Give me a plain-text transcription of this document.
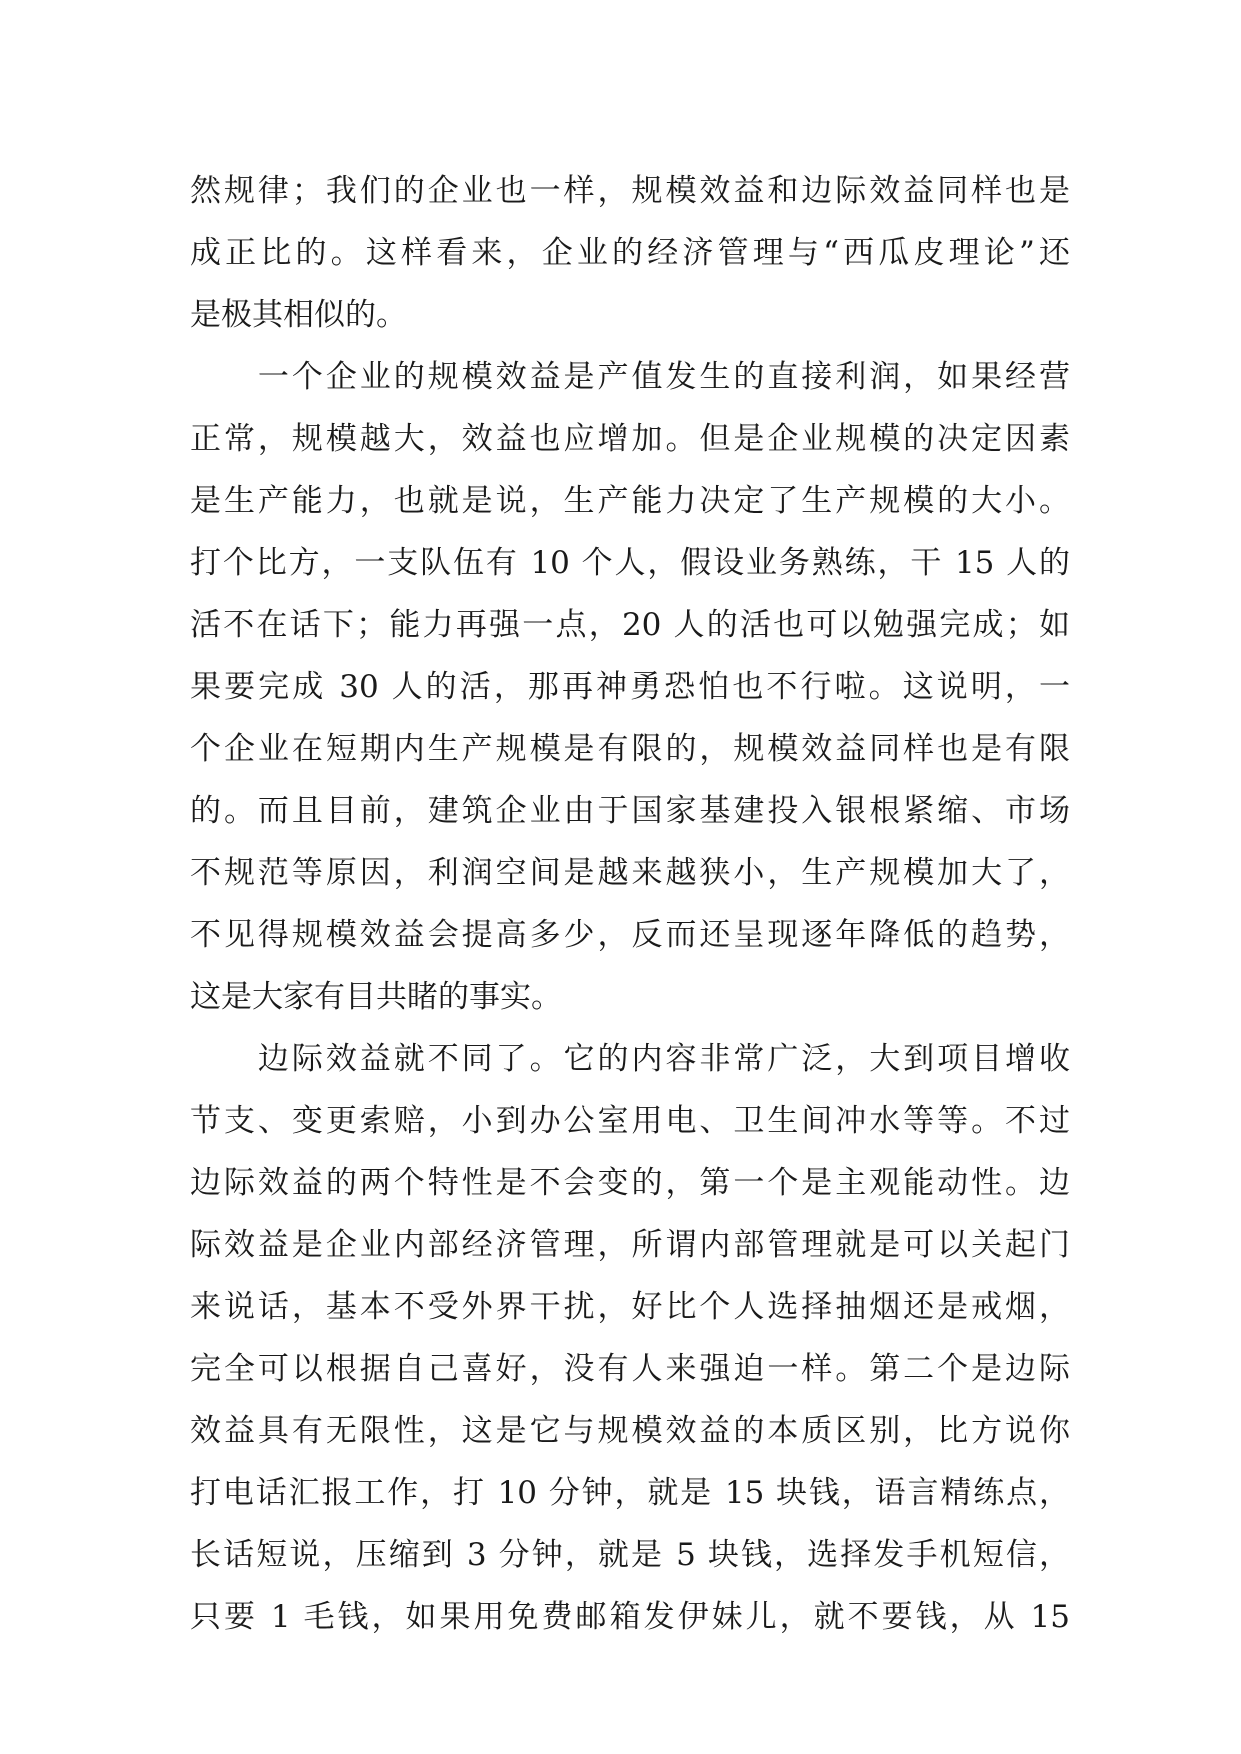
然规律；我们的企业也一样，规模效益和边际效益同样也是
成正比的。这样看来，企业的经济管理与“西瓜皮理论”还
是极其相似的。
　　一个企业的规模效益是产值发生的直接利润，如果经营
正常，规模越大，效益也应增加。但是企业规模的决定因素
是生产能力，也就是说，生产能力决定了生产规模的大小。
打个比方，一支队伍有 10 个人，假设业务熟练，干 15 人的
活不在话下；能力再强一点，20 人的活也可以勉强完成；如
果要完成 30 人的活，那再神勇恐怕也不行啦。这说明，一
个企业在短期内生产规模是有限的，规模效益同样也是有限
的。而且目前，建筑企业由于国家基建投入银根紧缩、市场
不规范等原因，利润空间是越来越狭小，生产规模加大了，
不见得规模效益会提高多少，反而还呈现逐年降低的趋势，
这是大家有目共睹的事实。
　　边际效益就不同了。它的内容非常广泛，大到项目增收
节支、变更索赔，小到办公室用电、卫生间冲水等等。不过
边际效益的两个特性是不会变的，第一个是主观能动性。边
际效益是企业内部经济管理，所谓内部管理就是可以关起门
来说话，基本不受外界干扰，好比个人选择抽烟还是戒烟，
完全可以根据自己喜好，没有人来强迫一样。第二个是边际
效益具有无限性，这是它与规模效益的本质区别，比方说你
打电话汇报工作，打 10 分钟，就是 15 块钱，语言精练点，
长话短说，压缩到 3 分钟，就是 5 块钱，选择发手机短信，
只要 1 毛钱，如果用免费邮箱发伊妹儿，就不要钱，从 15
